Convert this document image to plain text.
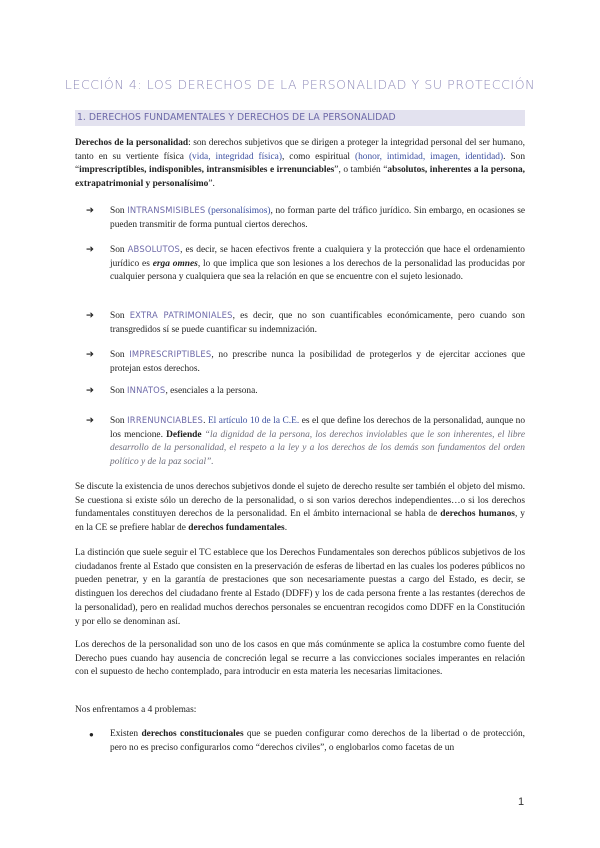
LECCIÓN 4: LOS DERECHOS DE LA PERSONALIDAD Y SU PROTECCIÓN
1. DERECHOS FUNDAMENTALES Y DERECHOS DE LA PERSONALIDAD

Derechos de la personalidad: son derechos subjetivos que se dirigen a proteger la integridad personal del ser humano, tanto en su vertiente física (vida, integridad física), como espiritual (honor, intimidad, imagen, identidad). Son “imprescriptibles, indisponibles, intransmisibles e irrenunciables”, o también “absolutos, inherentes a la persona, extrapatrimonial y personalísimo”.

➔ Son INTRANSMISIBLES (personalísimos), no forman parte del tráfico jurídico. Sin embargo, en ocasiones se pueden transmitir de forma puntual ciertos derechos.

➔ Son ABSOLUTOS, es decir, se hacen efectivos frente a cualquiera y la protección que hace el ordenamiento jurídico es erga omnes, lo que implica que son lesiones a los derechos de la personalidad las producidas por cualquier persona y cualquiera que sea la relación en que se encuentre con el sujeto lesionado.

➔ Son EXTRA PATRIMONIALES, es decir, que no son cuantificables económicamente, pero cuando son transgredidos sí se puede cuantificar su indemnización.

➔ Son IMPRESCRIPTIBLES, no prescribe nunca la posibilidad de protegerlos y de ejercitar acciones que protejan estos derechos.

➔ Son INNATOS, esenciales a la persona.

➔ Son IRRENUNCIABLES. El artículo 10 de la C.E. es el que define los derechos de la personalidad, aunque no los mencione. Defiende “la dignidad de la persona, los derechos inviolables que le son inherentes, el libre desarrollo de la personalidad, el respeto a la ley y a los derechos de los demás son fundamentos del orden político y de la paz social”.

Se discute la existencia de unos derechos subjetivos donde el sujeto de derecho resulte ser también el objeto del mismo. Se cuestiona si existe sólo un derecho de la personalidad, o si son varios derechos independientes…o si los derechos fundamentales constituyen derechos de la personalidad. En el ámbito internacional se habla de derechos humanos, y en la CE se prefiere hablar de derechos fundamentales.

La distinción que suele seguir el TC establece que los Derechos Fundamentales son derechos públicos subjetivos de los ciudadanos frente al Estado que consisten en la preservación de esferas de libertad en las cuales los poderes públicos no pueden penetrar, y en la garantía de prestaciones que son necesariamente puestas a cargo del Estado, es decir, se distinguen los derechos del ciudadano frente al Estado (DDFF) y los de cada persona frente a las restantes (derechos de la personalidad), pero en realidad muchos derechos personales se encuentran recogidos como DDFF en la Constitución y por ello se denominan así.

Los derechos de la personalidad son uno de los casos en que más comúnmente se aplica la costumbre como fuente del Derecho pues cuando hay ausencia de concreción legal se recurre a las convicciones sociales imperantes en relación con el supuesto de hecho contemplado, para introducir en esta materia les necesarias limitaciones.

Nos enfrentamos a 4 problemas:

● Existen derechos constitucionales que se pueden configurar como derechos de la libertad o de protección, pero no es preciso configurarlos como “derechos civiles”, o englobarlos como facetas de un

1
